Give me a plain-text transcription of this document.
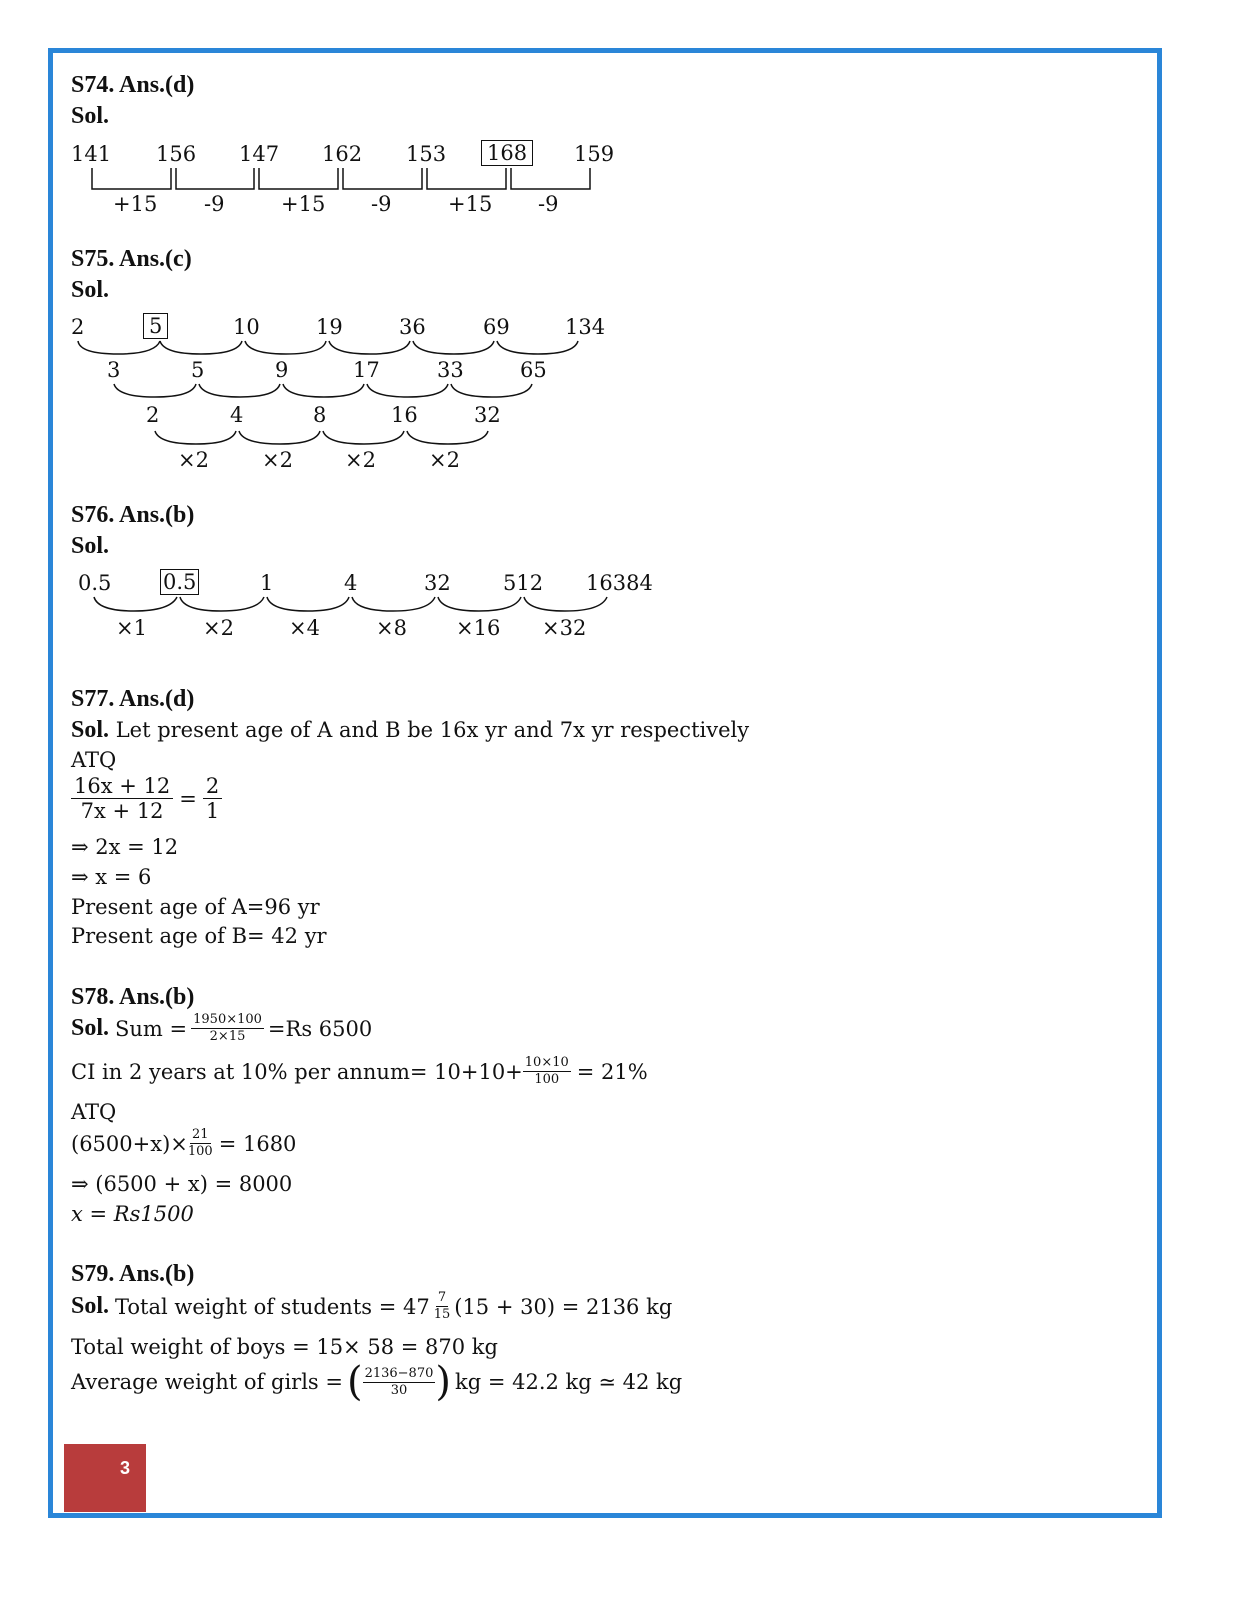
S74. Ans.(d)
Sol.
141 156 147 162 153 168 159
+15 -9	+15 -9	+15 -9
S75. Ans.(c)
Sol.
2	5	10	19	36	69	134
3	5	9	17	33	65
2	4	8	16	32
×2	×2 ×2	×2
S76. Ans.(b)
Sol.
0.5 0.5	1	4	32 512 16384
×1	×2	×4	×8 ×16 ×32
S77. Ans.(d)
Sol. Let present age of A and B be 16x yr and 7x yr respectively
ATQ
$\frac{16x + 12}{7x + 12} = \frac{2}{1}$
⇒ 2x = 12
⇒ x = 6
Present age of A=96 yr
Present age of B= 42 yr
S78. Ans.(b)
Sol. Sum = $\frac{1950\times 100}{2\times 15} =Rs$ 6500
CI in 2 years at 10% per annum= $10+10+ \frac{10\times 10}{100} = 21\%$
ATQ
$(6500+x)\times \frac{21}{100} = 1680$
⇒ (6500 + x) = 8000
x = Rs1500
S79. Ans.(b)
Sol. Total weight of students = $47 \frac{7}{15} (15 + 30) = 2136$ kg
Total weight of boys = 15× 58 = 870 kg
Average weight of girls = ( $\frac{2136-870}{30}$ ) kg = 42.2 kg ≃ 42 kg
3
